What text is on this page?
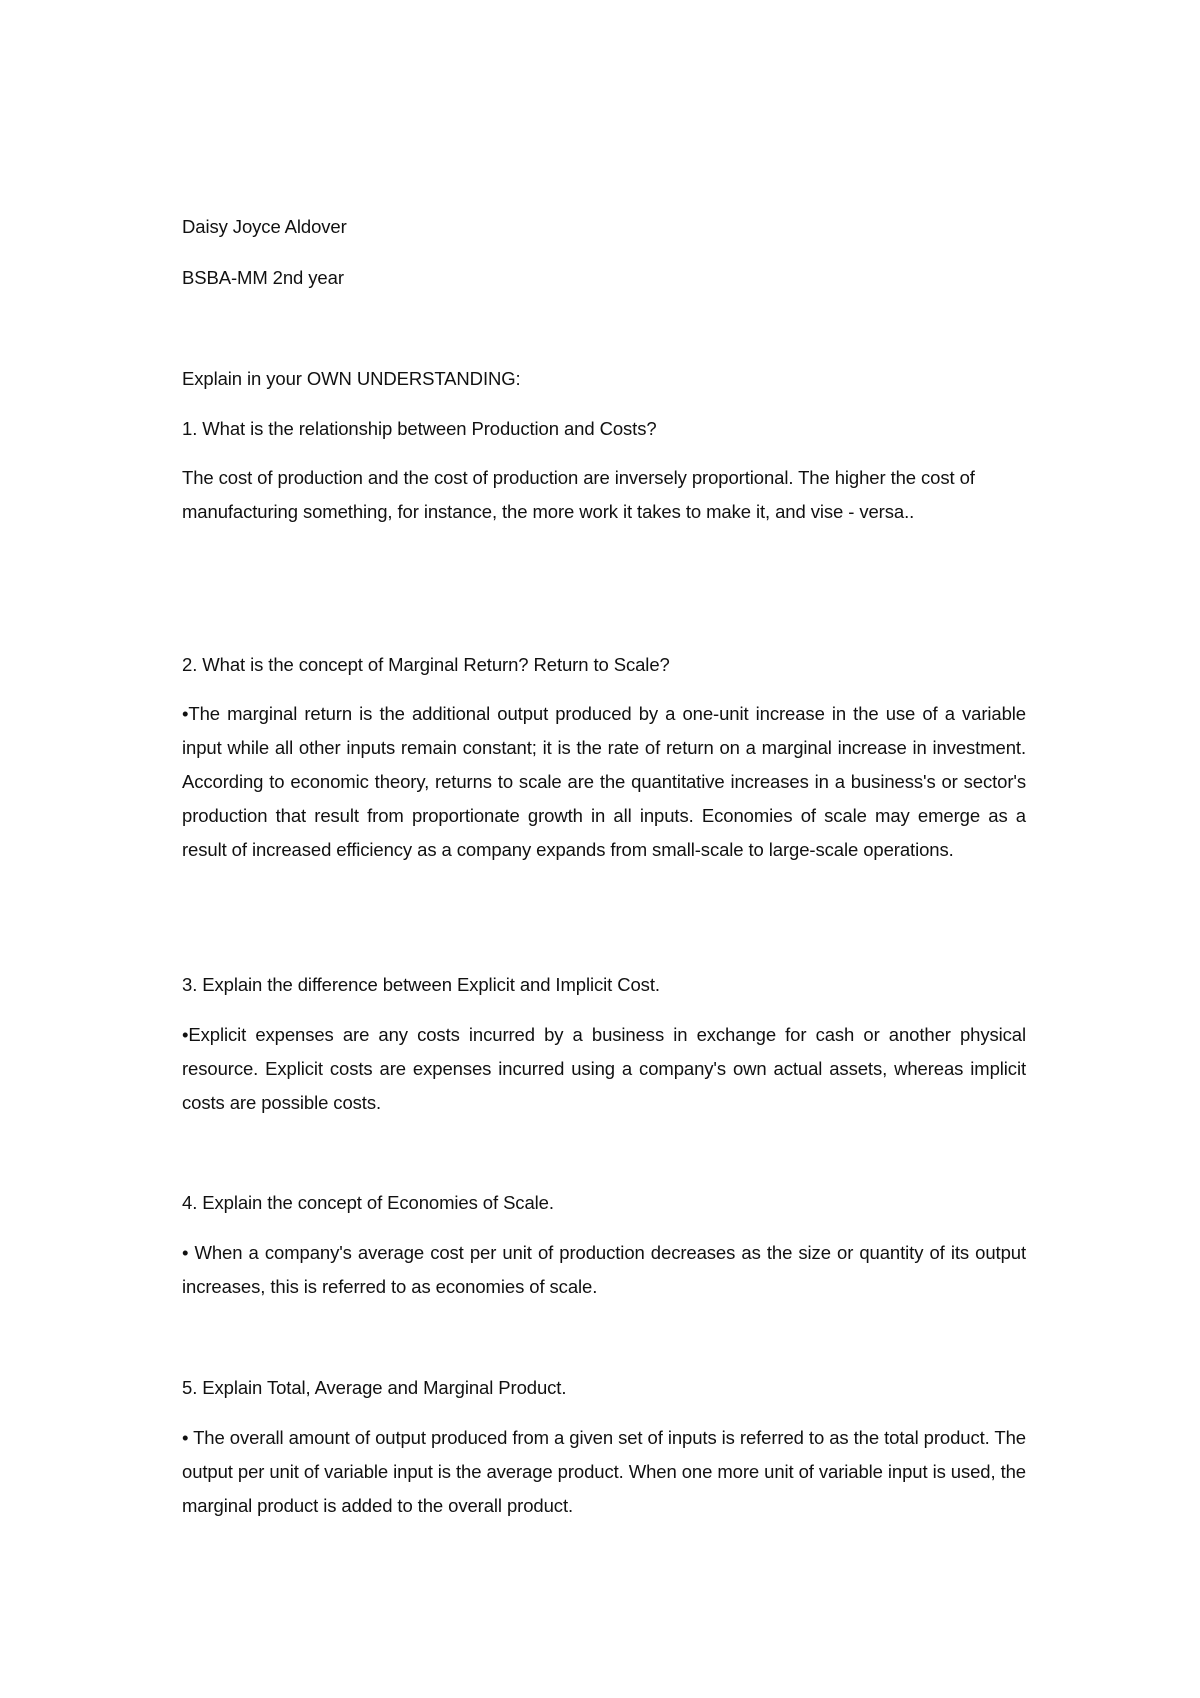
Daisy Joyce Aldover
BSBA-MM 2nd year
Explain in your OWN UNDERSTANDING:
1. What is the relationship between Production and Costs?
The cost of production and the cost of production are inversely proportional. The higher the cost of manufacturing something, for instance, the more work it takes to make it, and vise - versa..
2. What is the concept of Marginal Return? Return to Scale?
•The marginal return is the additional output produced by a one-unit increase in the use of a variable input while all other inputs remain constant; it is the rate of return on a marginal increase in investment. According to economic theory, returns to scale are the quantitative increases in a business's or sector's production that result from proportionate growth in all inputs. Economies of scale may emerge as a result of increased efficiency as a company expands from small-scale to large-scale operations.
3. Explain the difference between Explicit and Implicit Cost.
•Explicit expenses are any costs incurred by a business in exchange for cash or another physical resource. Explicit costs are expenses incurred using a company's own actual assets, whereas implicit costs are possible costs.
4. Explain the concept of Economies of Scale.
• When a company's average cost per unit of production decreases as the size or quantity of its output increases, this is referred to as economies of scale.
5. Explain Total, Average and Marginal Product.
• The overall amount of output produced from a given set of inputs is referred to as the total product. The output per unit of variable input is the average product. When one more unit of variable input is used, the marginal product is added to the overall product.
